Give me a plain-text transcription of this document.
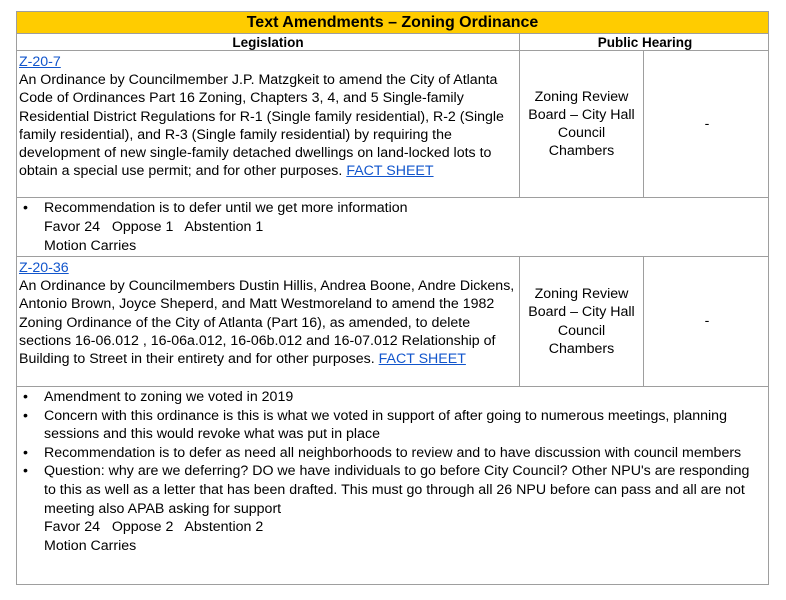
Text Amendments – Zoning Ordinance
Legislation	Public Hearing
Z-20-7
An Ordinance by Councilmember J.P. Matzgkeit to amend the City of Atlanta Code of Ordinances Part 16 Zoning, Chapters 3, 4, and 5 Single-family Residential District Regulations for R-1 (Single family residential), R-2 (Single family residential), and R-3 (Single family residential) by requiring the development of new single-family detached dwellings on land-locked lots to obtain a special use permit; and for other purposes. FACT SHEET
Zoning Review Board – City Hall Council Chambers
-
• Recommendation is to defer until we get more information
Favor 24   Oppose 1   Abstention 1
Motion Carries
Z-20-36
An Ordinance by Councilmembers Dustin Hillis, Andrea Boone, Andre Dickens, Antonio Brown, Joyce Sheperd, and Matt Westmoreland to amend the 1982 Zoning Ordinance of the City of Atlanta (Part 16), as amended, to delete sections 16-06.012 , 16-06a.012, 16-06b.012 and 16-07.012 Relationship of Building to Street in their entirety and for other purposes. FACT SHEET
Zoning Review Board – City Hall Council Chambers
-
• Amendment to zoning we voted in 2019
• Concern with this ordinance is this is what we voted in support of after going to numerous meetings, planning sessions and this would revoke what was put in place
• Recommendation is to defer as need all neighborhoods to review and to have discussion with council members
• Question: why are we deferring? DO we have individuals to go before City Council? Other NPU's are responding to this as well as a letter that has been drafted. This must go through all 26 NPU before can pass and all are not meeting also APAB asking for support
Favor 24   Oppose 2   Abstention 2
Motion Carries
